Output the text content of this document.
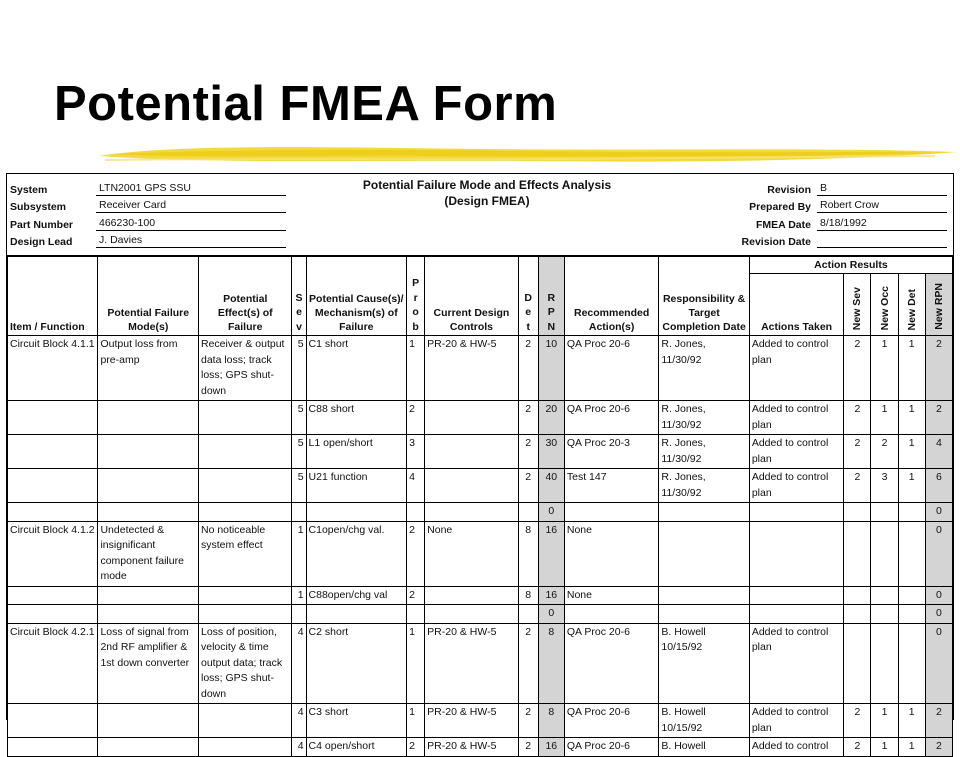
Potential FMEA Form
System	LTN2001 GPS SSU
Subsystem	Receiver Card
Part Number	466230-100
Design Lead	J. Davies
Potential Failure Mode and Effects Analysis
(Design FMEA)
Revision B
Prepared By Robert Crow
FMEA Date 8/18/1992
Revision Date
Item / Function	Potential Failure Mode(s)	Potential Effect(s) of Failure	S e v	Potential Cause(s)/ Mechanism(s) of Failure	P r o b	Current Design Controls	D e t	R P N	Recommended Action(s)	Responsibility & Target Completion Date	Action Results				
											Actions Taken	New Sev	New Occ	New Det	New RPN
Circuit Block 4.1.1	Output loss from pre-amp	Receiver & output data loss; track loss; GPS shut-down	5	C1 short	1	PR-20 & HW-5	2	10	QA Proc 20-6	R. Jones, 11/30/92	Added to control plan	2	1	1	2
			5	C88 short	2		2	20	QA Proc 20-6	R. Jones, 11/30/92	Added to control plan	2	1	1	2
			5	L1 open/short	3		2	30	QA Proc 20-3	R. Jones, 11/30/92	Added to control plan	2	2	1	4
			5	U21 function	4		2	40	Test 147	R. Jones, 11/30/92	Added to control plan	2	3	1	6
								0							0
Circuit Block 4.1.2	Undetected & insignificant component failure mode	No noticeable system effect	1	C1open/chg val.	2	None	8	16	None						0
			1	C88open/chg val	2		8	16	None						0
								0							0
Circuit Block 4.2.1	Loss of signal from 2nd RF amplifier & 1st down converter	Loss of position, velocity & time output data; track loss; GPS shut-down	4	C2 short	1	PR-20 & HW-5	2	8	QA Proc 20-6	B. Howell 10/15/92	Added to control plan				0
			4	C3 short	1	PR-20 & HW-5	2	8	QA Proc 20-6	B. Howell 10/15/92	Added to control plan	2	1	1	2
			4	C4 open/short	2	PR-20 & HW-5	2	16	QA Proc 20-6	B. Howell	Added to control	2	1	1	2
